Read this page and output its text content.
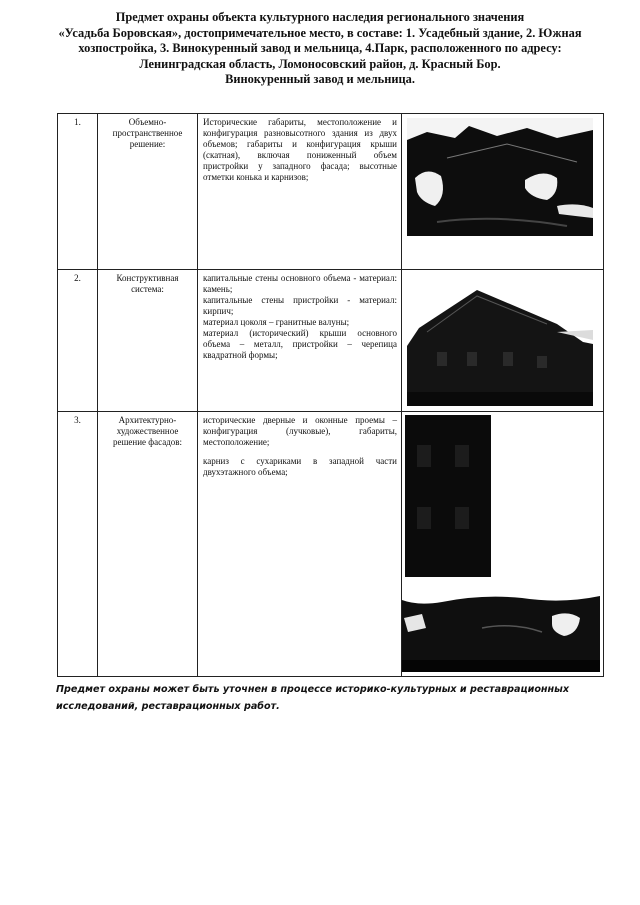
Предмет охраны объекта культурного наследия регионального значения
«Усадьба Боровская», достопримечательное место, в составе: 1. Усадебный здание, 2. Южная
хозпостройка, 3. Винокуренный завод и мельница, 4.Парк, расположенного по адресу:
Ленинградская область, Ломоносовский район, д. Красный Бор.
Винокуренный завод и мельница.
1.	Объемно-пространственное решение:	Исторические габариты, местоположение и конфигурация разновысотного здания из двух объемов; габариты и конфигурация крыши (скатная), включая пониженный объем пристройки у западного фасада; высотные отметки конька и карнизов;

2.	Конструктивная система:	капитальные стены основного объема - материал: камень;

капитальные стены пристройки - материал: кирпич;

материал цоколя – гранитные валуны;

материал (исторический) крыши основного объема – металл, пристройки – черепица квадратной формы;

3.	Архитектурно-художественное решение фасадов:	исторические дверные и оконные проемы – конфигурация (лучковые), габариты, местоположение;

карниз с сухариками в западной части двухэтажного объема;

Предмет охраны может быть уточнен в процессе историко-культурных и реставрационных
исследований, реставрационных работ.
